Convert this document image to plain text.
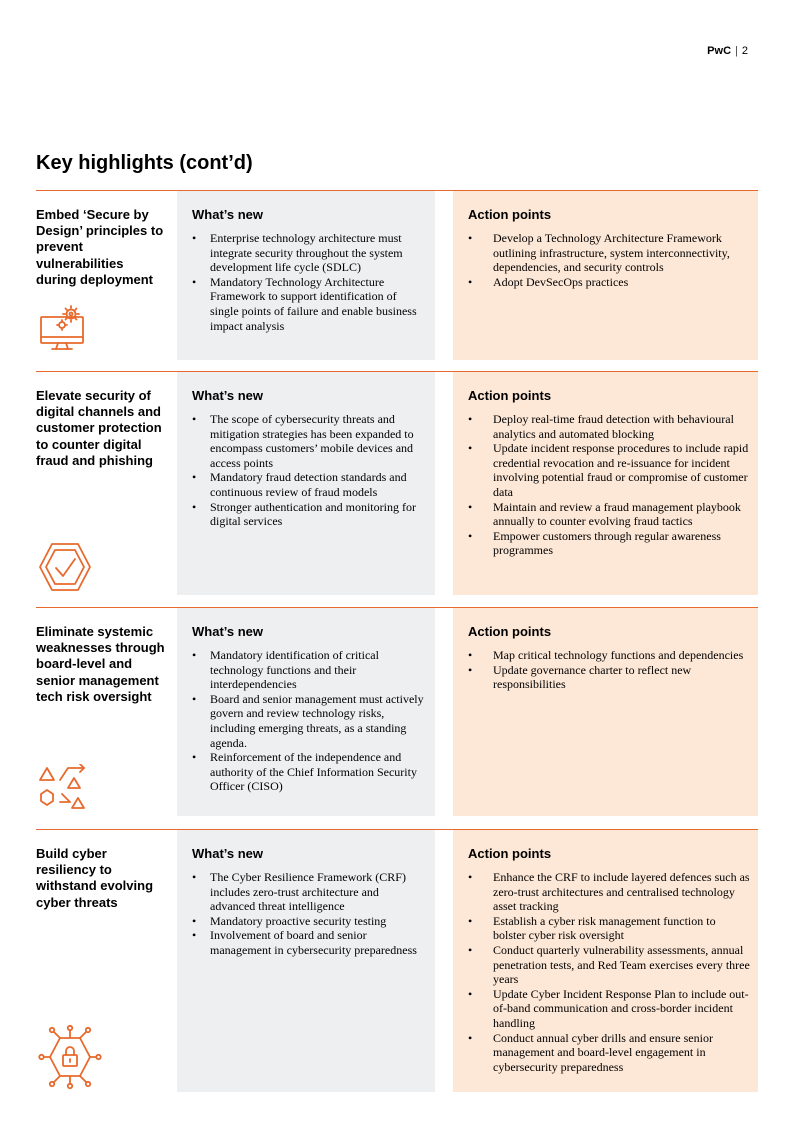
PwC | 2
Key highlights (cont’d)
Embed ‘Secure by Design’ principles to prevent vulnerabilities during deployment
What’s new
• Enterprise technology architecture must integrate security throughout the system development life cycle (SDLC)
• Mandatory Technology Architecture Framework to support identification of single points of failure and enable business impact analysis
Action points
• Develop a Technology Architecture Framework outlining infrastructure, system interconnectivity, dependencies, and security controls
• Adopt DevSecOps practices
Elevate security of digital channels and customer protection to counter digital fraud and phishing
What’s new
• The scope of cybersecurity threats and mitigation strategies has been expanded to encompass customers’ mobile devices and access points
• Mandatory fraud detection standards and continuous review of fraud models
• Stronger authentication and monitoring for digital services
Action points
• Deploy real-time fraud detection with behavioural analytics and automated blocking
• Update incident response procedures to include rapid credential revocation and re-issuance for incident involving potential fraud or compromise of customer data
• Maintain and review a fraud management playbook annually to counter evolving fraud tactics
• Empower customers through regular awareness programmes
Eliminate systemic weaknesses through board-level and senior management tech risk oversight
What’s new
• Mandatory identification of critical technology functions and their interdependencies
• Board and senior management must actively govern and review technology risks, including emerging threats, as a standing agenda.
• Reinforcement of the independence and authority of the Chief Information Security Officer (CISO)
Action points
• Map critical technology functions and dependencies
• Update governance charter to reflect new responsibilities
Build cyber resiliency to withstand evolving cyber threats
What’s new
• The Cyber Resilience Framework (CRF) includes zero-trust architecture and advanced threat intelligence
• Mandatory proactive security testing
• Involvement of board and senior management in cybersecurity preparedness
Action points
• Enhance the CRF to include layered defences such as zero-trust architectures and centralised technology asset tracking
• Establish a cyber risk management function to bolster cyber risk oversight
• Conduct quarterly vulnerability assessments, annual penetration tests, and Red Team exercises every three years
• Update Cyber Incident Response Plan to include out-of-band communication and cross-border incident handling
• Conduct annual cyber drills and ensure senior management and board-level engagement in cybersecurity preparedness
